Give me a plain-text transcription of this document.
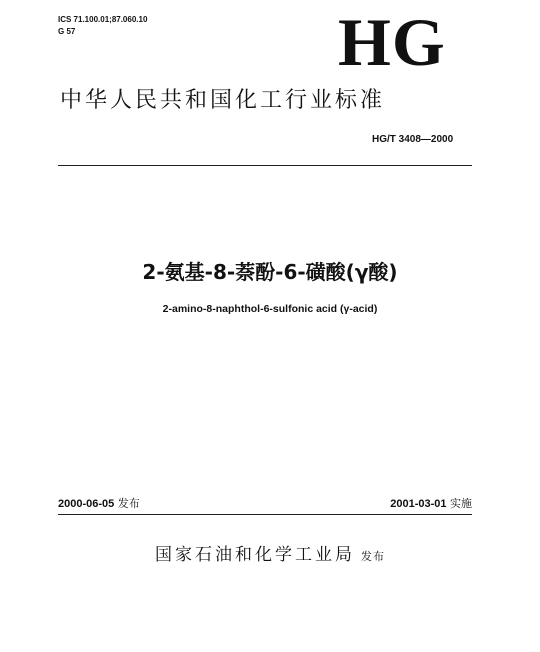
ICS 71.100.01;87.060.10
G 57	HG
中华人民共和国化工行业标准
HG/T 3408—2000
2-氨基-8-萘酚-6-磺酸(γ酸)
2-amino-8-naphthol-6-sulfonic acid (γ-acid)
2000-06-05 发布	2001-03-01 实施
国家石油和化学工业局 发布
